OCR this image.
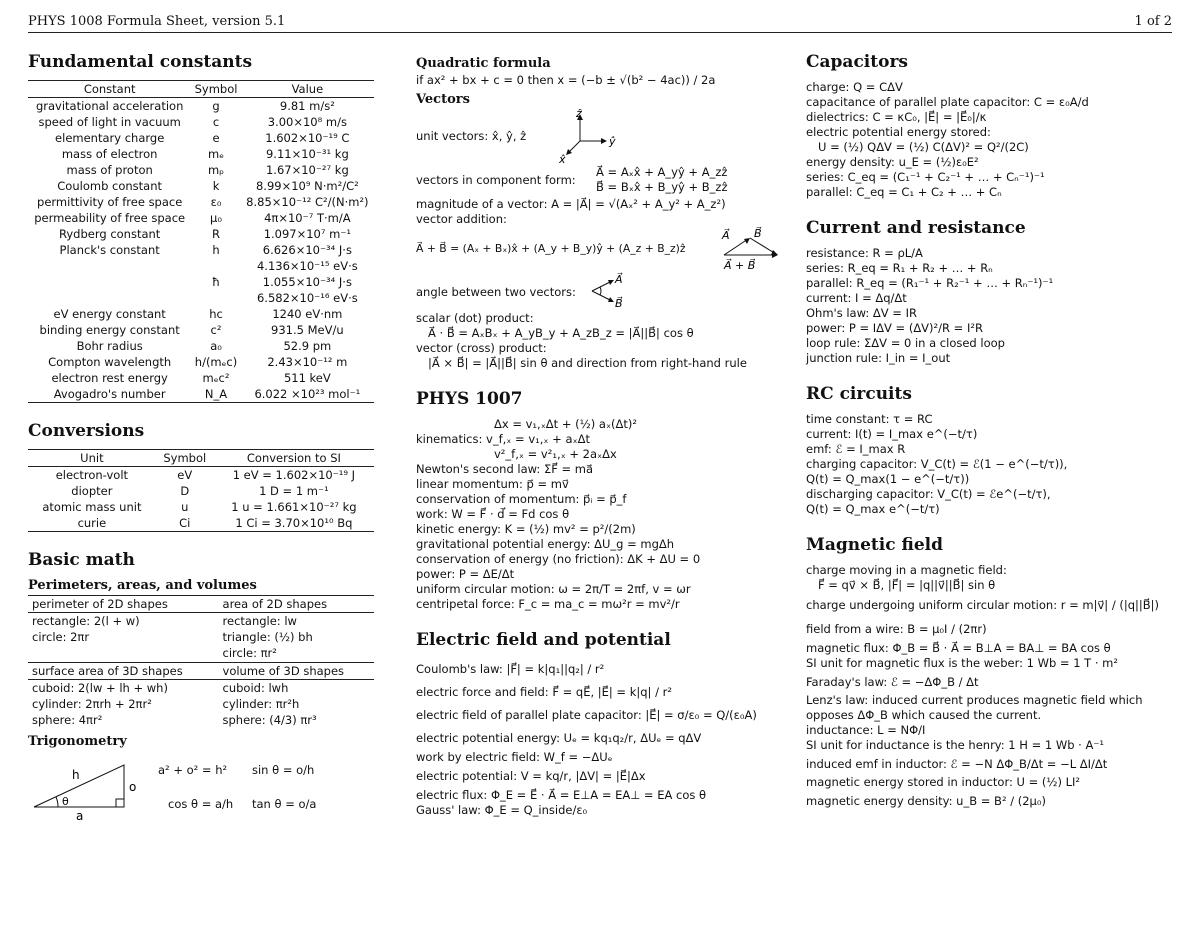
PHYS 1008 Formula Sheet, version 5.1	1 of 2
Fundamental constants
Constant	Symbol	Value
gravitational acceleration	g	9.81 m/s²
speed of light in vacuum	c	3.00×10⁸ m/s
elementary charge	e	1.602×10⁻¹⁹ C
mass of electron	mₑ	9.11×10⁻³¹ kg
mass of proton	mₚ	1.67×10⁻²⁷ kg
Coulomb constant	k	8.99×10⁹ N·m²/C²
permittivity of free space	ε₀	8.85×10⁻¹² C²/(N·m²)
permeability of free space	μ₀	4π×10⁻⁷ T·m/A
Rydberg constant	R	1.097×10⁷ m⁻¹
Planck's constant	h	6.626×10⁻³⁴ J·s
		4.136×10⁻¹⁵ eV·s
	ħ	1.055×10⁻³⁴ J·s
		6.582×10⁻¹⁶ eV·s
eV energy constant	hc	1240 eV·nm
binding energy constant	c²	931.5 MeV/u
Bohr radius	a₀	52.9 pm
Compton wavelength	h/(mₑc)	2.43×10⁻¹² m
electron rest energy	mₑc²	511 keV
Avogadro's number	N_A	6.022 ×10²³ mol⁻¹
Conversions
Unit	Symbol	Conversion to SI
electron-volt	eV	1 eV = 1.602×10⁻¹⁹ J
diopter	D	1 D = 1 m⁻¹
atomic mass unit	u	1 u = 1.661×10⁻²⁷ kg
curie	Ci	1 Ci = 3.70×10¹⁰ Bq
Basic math
Perimeters, areas, and volumes
perimeter of 2D shapes	area of 2D shapes
rectangle: 2(l + w)	rectangle: lw
circle: 2πr	triangle: (½) bh
	circle: πr²
surface area of 3D shapes	volume of 3D shapes
cuboid: 2(lw + lh + wh)	cuboid: lwh
cylinder: 2πrh + 2πr²	cylinder: πr²h
sphere: 4πr²	sphere: (4/3) πr³
Trigonometry
h
o
a
θ
a² + o² = h² sin θ = o/h
cos θ = a/h tan θ = o/a
Quadratic formula
if ax² + bx + c = 0 then x = (−b ± √(b² − 4ac)) / 2a
Vectors
unit vectors: x̂, ŷ, ẑ
ẑ
ŷ
x̂
vectors in component form:
A⃗ = Aₓx̂ + A_yŷ + A_zẑ
B⃗ = Bₓx̂ + B_yŷ + B_zẑ
magnitude of a vector: A = |A⃗| = √(Aₓ² + A_y² + A_z²)
vector addition:
A⃗ + B⃗ = (Aₓ + Bₓ)x̂ + (A_y + B_y)ŷ + (A_z + B_z)ẑ
A⃗ B⃗
A⃗ + B⃗
angle between two vectors:
A⃗
B⃗
scalar (dot) product:
A⃗ · B⃗ = AₓBₓ + A_yB_y + A_zB_z = |A⃗||B⃗| cos θ
vector (cross) product:
|A⃗ × B⃗| = |A⃗||B⃗| sin θ and direction from right-hand rule
PHYS 1007
Δx = v₁,ₓΔt + (½) aₓ(Δt)²
kinematics: v_f,ₓ = v₁,ₓ + aₓΔt
v²_f,ₓ = v²₁,ₓ + 2aₓΔx
Newton's second law: ΣF⃗ = ma⃗
linear momentum: p⃗ = mv⃗
conservation of momentum: p⃗ᵢ = p⃗_f
work: W = F⃗ · d⃗ = Fd cos θ
kinetic energy: K = (½) mv² = p²/(2m)
gravitational potential energy: ΔU_g = mgΔh
conservation of energy (no friction): ΔK + ΔU = 0
power: P = ΔE/Δt
uniform circular motion: ω = 2π/T = 2πf, v = ωr
centripetal force: F_c = ma_c = mω²r = mv²/r
Electric field and potential
Coulomb's law: |F⃗| = k|q₁||q₂| / r²
electric force and field: F⃗ = qE⃗, |E⃗| = k|q| / r²
electric field of parallel plate capacitor: |E⃗| = σ/ε₀ = Q/(ε₀A)
electric potential energy: Uₑ = kq₁q₂/r, ΔUₑ = qΔV
work by electric field: W_f = −ΔUₑ
electric potential: V = kq/r, |ΔV| = |E⃗|Δx
electric flux: Φ_E = E⃗ · A⃗ = E⊥A = EA⊥ = EA cos θ
Gauss' law: Φ_E = Q_inside/ε₀
Capacitors
charge: Q = CΔV
capacitance of parallel plate capacitor: C = ε₀A/d
dielectrics: C = κC₀, |E⃗| = |E⃗₀|/κ
electric potential energy stored:
U = (½) QΔV = (½) C(ΔV)² = Q²/(2C)
energy density: u_E = (½)ε₀E²
series: C_eq = (C₁⁻¹ + C₂⁻¹ + … + Cₙ⁻¹)⁻¹
parallel: C_eq = C₁ + C₂ + … + Cₙ
Current and resistance
resistance: R = ρL/A
series: R_eq = R₁ + R₂ + … + Rₙ
parallel: R_eq = (R₁⁻¹ + R₂⁻¹ + … + Rₙ⁻¹)⁻¹
current: I = Δq/Δt
Ohm's law: ΔV = IR
power: P = IΔV = (ΔV)²/R = I²R
loop rule: ΣΔV = 0 in a closed loop
junction rule: I_in = I_out
RC circuits
time constant: τ = RC
current: I(t) = I_max e^(−t/τ)
emf: ℰ = I_max R
charging capacitor: V_C(t) = ℰ(1 − e^(−t/τ)),
Q(t) = Q_max(1 − e^(−t/τ))
discharging capacitor: V_C(t) = ℰe^(−t/τ),
Q(t) = Q_max e^(−t/τ)
Magnetic field
charge moving in a magnetic field:
F⃗ = qv⃗ × B⃗, |F⃗| = |q||v⃗||B⃗| sin θ
charge undergoing uniform circular motion: r = m|v⃗| / (|q||B⃗|)
field from a wire: B = μ₀I / (2πr)
magnetic flux: Φ_B = B⃗ · A⃗ = B⊥A = BA⊥ = BA cos θ
SI unit for magnetic flux is the weber: 1 Wb = 1 T · m²
Faraday's law: ℰ = −ΔΦ_B / Δt
Lenz's law: induced current produces magnetic field which
opposes ΔΦ_B which caused the current.
inductance: L = NΦ/I
SI unit for inductance is the henry: 1 H = 1 Wb · A⁻¹
induced emf in inductor: ℰ = −N ΔΦ_B/Δt = −L ΔI/Δt
magnetic energy stored in inductor: U = (½) LI²
magnetic energy density: u_B = B² / (2μ₀)
